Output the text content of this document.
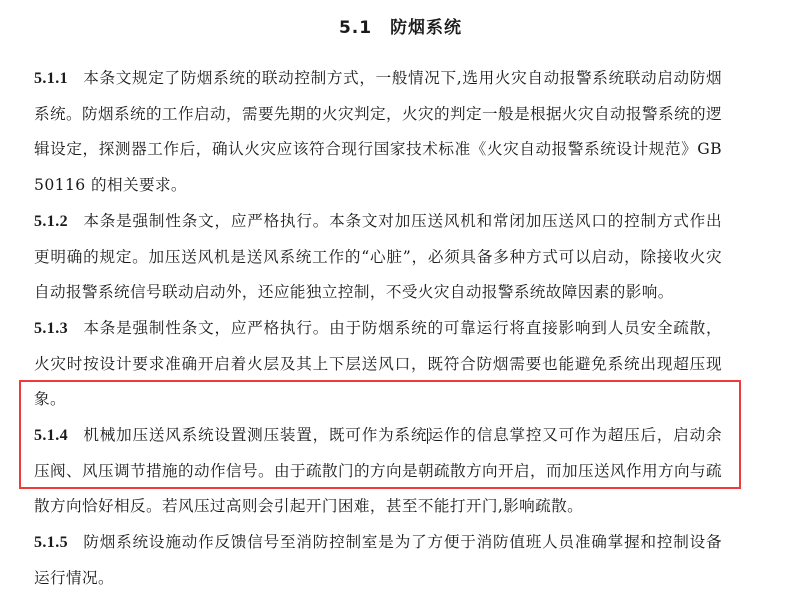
5.1 防烟系统

5.1.1 本条文规定了防烟系统的联动控制方式，一般情况下,选用火灾自动报警系统联动启动防烟系统。防烟系统的工作启动，需要先期的火灾判定，火灾的判定一般是根据火灾自动报警系统的逻辑设定，探测器工作后，确认火灾应该符合现行国家技术标准《火灾自动报警系统设计规范》GB 50116 的相关要求。

5.1.2 本条是强制性条文，应严格执行。本条文对加压送风机和常闭加压送风口的控制方式作出更明确的规定。加压送风机是送风系统工作的“心脏”，必须具备多种方式可以启动，除接收火灾自动报警系统信号联动启动外，还应能独立控制，不受火灾自动报警系统故障因素的影响。

5.1.3 本条是强制性条文，应严格执行。由于防烟系统的可靠运行将直接影响到人员安全疏散，火灾时按设计要求准确开启着火层及其上下层送风口，既符合防烟需要也能避免系统出现超压现象。

5.1.4 机械加压送风系统设置测压装置，既可作为系统运作的信息掌控又可作为超压后，启动余压阀、风压调节措施的动作信号。由于疏散门的方向是朝疏散方向开启，而加压送风作用方向与疏散方向恰好相反。若风压过高则会引起开门困难，甚至不能打开门,影响疏散。

5.1.5 防烟系统设施动作反馈信号至消防控制室是为了方便于消防值班人员准确掌握和控制设备运行情况。
